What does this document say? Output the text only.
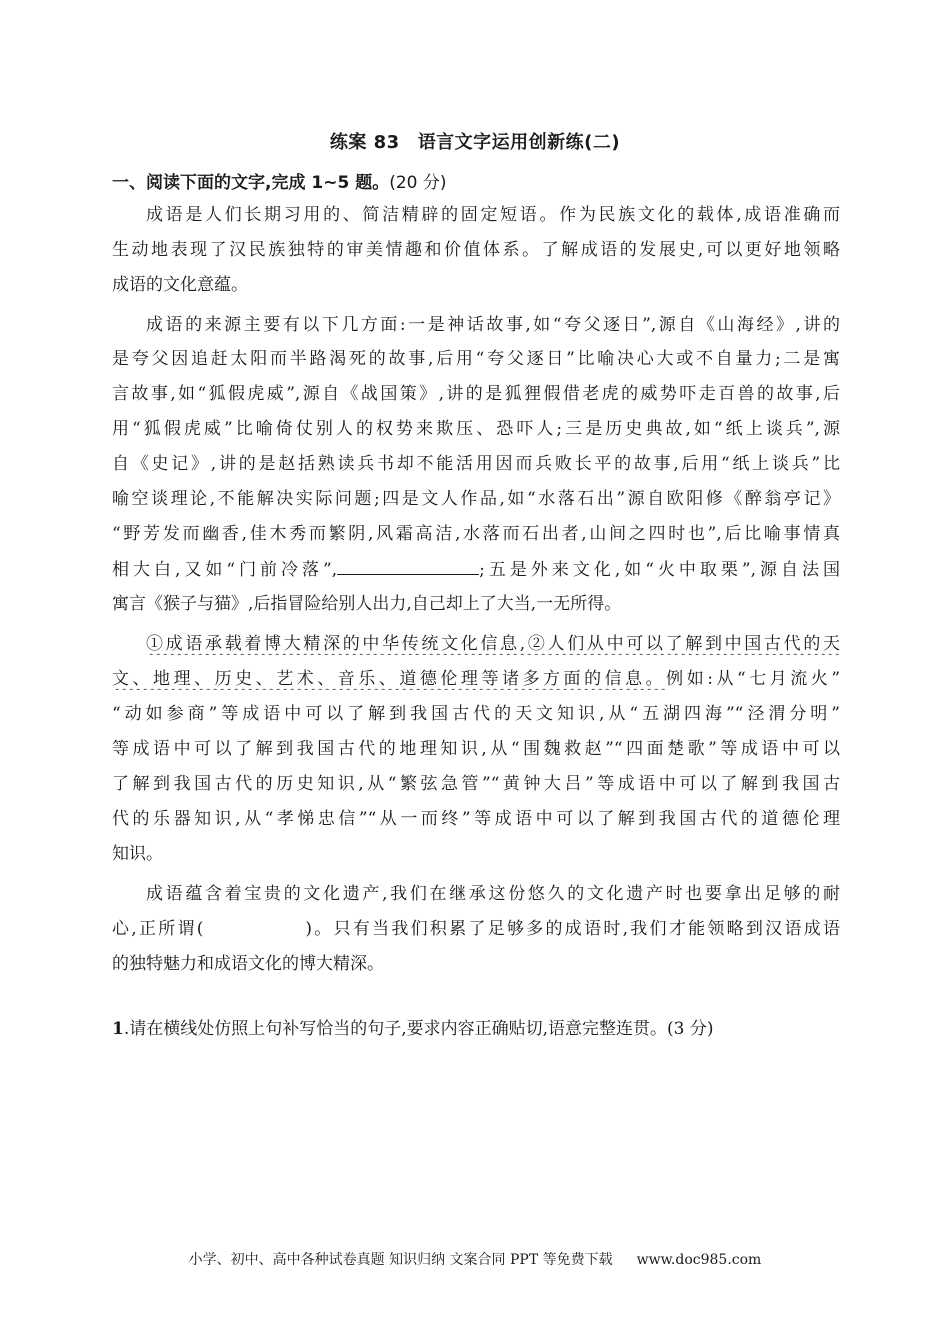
练案 83 语言文字运用创新练(二)
一、阅读下面的文字,完成 1~5 题。(20 分)
成语是人们长期习用的、简洁精辟的固定短语。作为民族文化的载体,成语准确而
生动地表现了汉民族独特的审美情趣和价值体系。了解成语的发展史,可以更好地领略
成语的文化意蕴。
成语的来源主要有以下几方面:一是神话故事,如“夸父逐日”,源自《山海经》,讲的
是夸父因追赶太阳而半路渴死的故事,后用“夸父逐日”比喻决心大或不自量力;二是寓
言故事,如“狐假虎威”,源自《战国策》,讲的是狐狸假借老虎的威势吓走百兽的故事,后
用“狐假虎威”比喻倚仗别人的权势来欺压、恐吓人;三是历史典故,如“纸上谈兵”,源
自《史记》,讲的是赵括熟读兵书却不能活用因而兵败长平的故事,后用“纸上谈兵”比
喻空谈理论,不能解决实际问题;四是文人作品,如“水落石出”源自欧阳修《醉翁亭记》
“野芳发而幽香,佳木秀而繁阴,风霜高洁,水落而石出者,山间之四时也”,后比喻事情真
相大白,又如“门前冷落”,	;五是外来文化,如“火中取栗”,源自法国
寓言《猴子与猫》,后指冒险给别人出力,自己却上了大当,一无所得。
①成语承载着博大精深的中华传统文化信息,②人们从中可以了解到中国古代的天
文、地理、历史、艺术、音乐、道德伦理等诸多方面的信息。例如:从“七月流火”
“动如参商”等成语中可以了解到我国古代的天文知识,从“五湖四海”“泾渭分明”
等成语中可以了解到我国古代的地理知识,从“围魏救赵”“四面楚歌”等成语中可以
了解到我国古代的历史知识,从“繁弦急管”“黄钟大吕”等成语中可以了解到我国古
代的乐器知识,从“孝悌忠信”“从一而终”等成语中可以了解到我国古代的道德伦理
知识。
成语蕴含着宝贵的文化遗产,我们在继承这份悠久的文化遗产时也要拿出足够的耐
心,正所谓(	)。只有当我们积累了足够多的成语时,我们才能领略到汉语成语
的独特魅力和成语文化的博大精深。
1.请在横线处仿照上句补写恰当的句子,要求内容正确贴切,语意完整连贯。(3 分)
小学、初中、高中各种试卷真题 知识归纳 文案合同 PPT 等免费下载 www.doc985.com
